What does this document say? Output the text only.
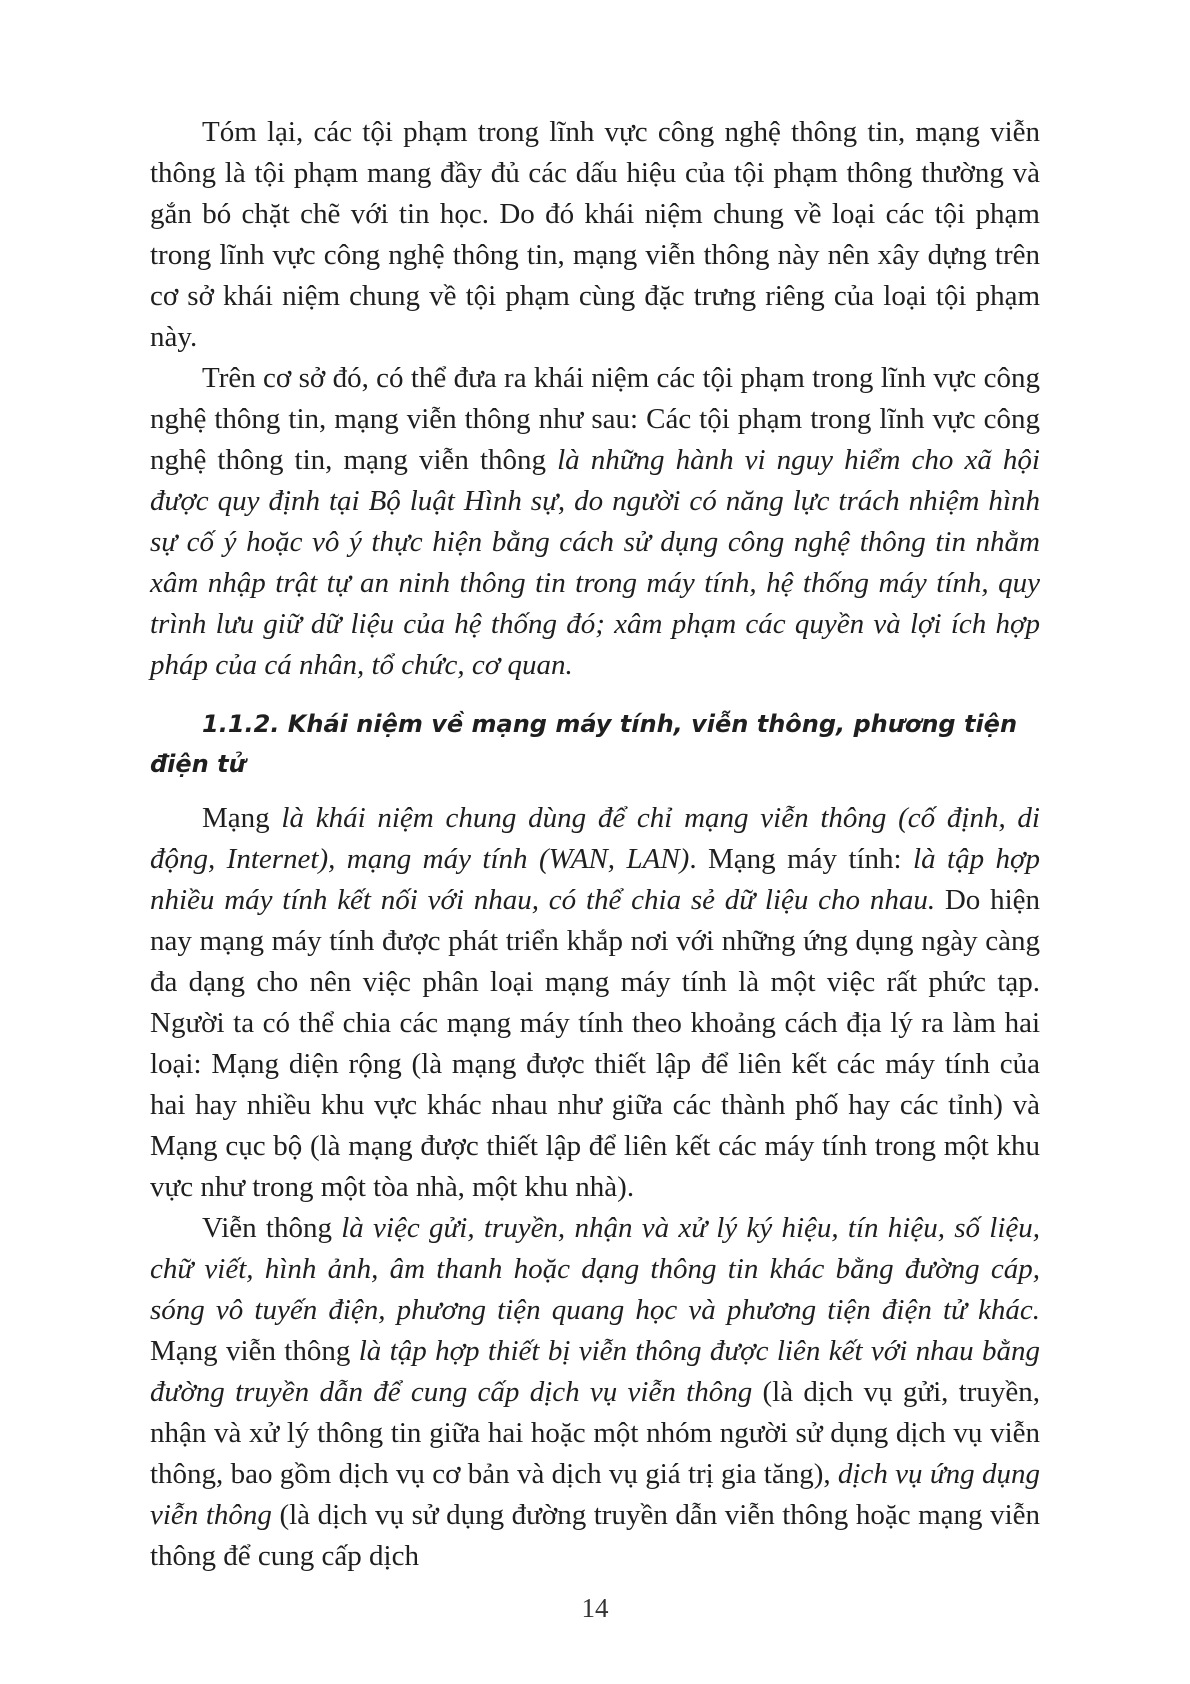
Tóm lại, các tội phạm trong lĩnh vực công nghệ thông tin, mạng viễn thông là tội phạm mang đầy đủ các dấu hiệu của tội phạm thông thường và gắn bó chặt chẽ với tin học. Do đó khái niệm chung về loại các tội phạm trong lĩnh vực công nghệ thông tin, mạng viễn thông này nên xây dựng trên cơ sở khái niệm chung về tội phạm cùng đặc trưng riêng của loại tội phạm này.

Trên cơ sở đó, có thể đưa ra khái niệm các tội phạm trong lĩnh vực công nghệ thông tin, mạng viễn thông như sau: Các tội phạm trong lĩnh vực công nghệ thông tin, mạng viễn thông là những hành vi nguy hiểm cho xã hội được quy định tại Bộ luật Hình sự, do người có năng lực trách nhiệm hình sự cố ý hoặc vô ý thực hiện bằng cách sử dụng công nghệ thông tin nhằm xâm nhập trật tự an ninh thông tin trong máy tính, hệ thống máy tính, quy trình lưu giữ dữ liệu của hệ thống đó; xâm phạm các quyền và lợi ích hợp pháp của cá nhân, tổ chức, cơ quan.

1.1.2. Khái niệm về mạng máy tính, viễn thông, phương tiện điện tử

Mạng là khái niệm chung dùng để chỉ mạng viễn thông (cố định, di động, Internet), mạng máy tính (WAN, LAN). Mạng máy tính: là tập hợp nhiều máy tính kết nối với nhau, có thể chia sẻ dữ liệu cho nhau. Do hiện nay mạng máy tính được phát triển khắp nơi với những ứng dụng ngày càng đa dạng cho nên việc phân loại mạng máy tính là một việc rất phức tạp. Người ta có thể chia các mạng máy tính theo khoảng cách địa lý ra làm hai loại: Mạng diện rộng (là mạng được thiết lập để liên kết các máy tính của hai hay nhiều khu vực khác nhau như giữa các thành phố hay các tỉnh) và Mạng cục bộ (là mạng được thiết lập để liên kết các máy tính trong một khu vực như trong một tòa nhà, một khu nhà).

Viễn thông là việc gửi, truyền, nhận và xử lý ký hiệu, tín hiệu, số liệu, chữ viết, hình ảnh, âm thanh hoặc dạng thông tin khác bằng đường cáp, sóng vô tuyến điện, phương tiện quang học và phương tiện điện tử khác. Mạng viễn thông là tập hợp thiết bị viễn thông được liên kết với nhau bằng đường truyền dẫn để cung cấp dịch vụ viễn thông (là dịch vụ gửi, truyền, nhận và xử lý thông tin giữa hai hoặc một nhóm người sử dụng dịch vụ viễn thông, bao gồm dịch vụ cơ bản và dịch vụ giá trị gia tăng), dịch vụ ứng dụng viễn thông (là dịch vụ sử dụng đường truyền dẫn viễn thông hoặc mạng viễn thông để cung cấp dịch

14
